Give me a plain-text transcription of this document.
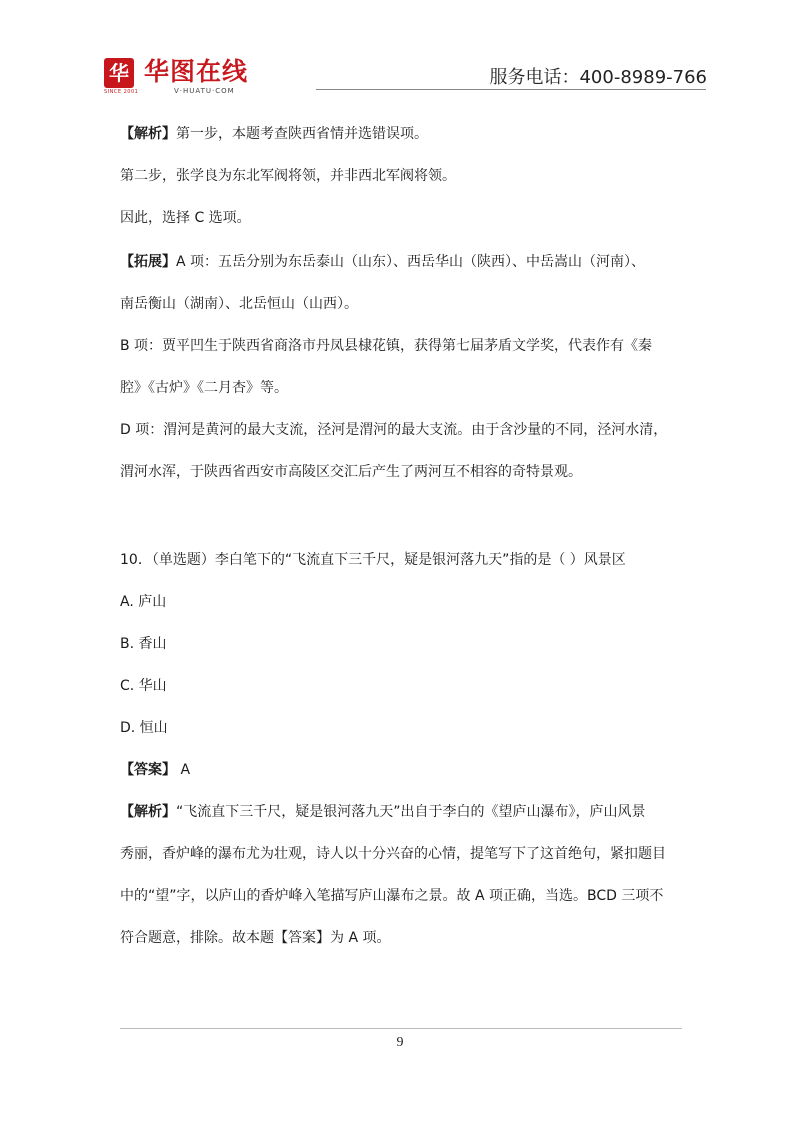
华
SINCE 2001
华图在线
V·HUATU·COM
服务电话：400-8989-766

【解析】第一步，本题考查陕西省情并选错误项。

第二步，张学良为东北军阀将领，并非西北军阀将领。

因此，选择 C 选项。

【拓展】A 项：五岳分别为东岳泰山（山东）、西岳华山（陕西）、中岳嵩山（河南）、

南岳衡山（湖南）、北岳恒山（山西）。

B 项：贾平凹生于陕西省商洛市丹凤县棣花镇，获得第七届茅盾文学奖，代表作有《秦

腔》《古炉》《二月杏》等。

D 项：渭河是黄河的最大支流，泾河是渭河的最大支流。由于含沙量的不同，泾河水清，

渭河水浑，于陕西省西安市高陵区交汇后产生了两河互不相容的奇特景观。

10．（单选题）李白笔下的“飞流直下三千尺，疑是银河落九天”指的是（ ）风景区

A. 庐山

B. 香山

C. 华山

D. 恒山

【答案】 A

【解析】“飞流直下三千尺，疑是银河落九天”出自于李白的《望庐山瀑布》，庐山风景

秀丽，香炉峰的瀑布尤为壮观，诗人以十分兴奋的心情，提笔写下了这首绝句，紧扣题目

中的“望”字，以庐山的香炉峰入笔描写庐山瀑布之景。故 A 项正确，当选。BCD 三项不

符合题意，排除。故本题【答案】为 A 项。

9
